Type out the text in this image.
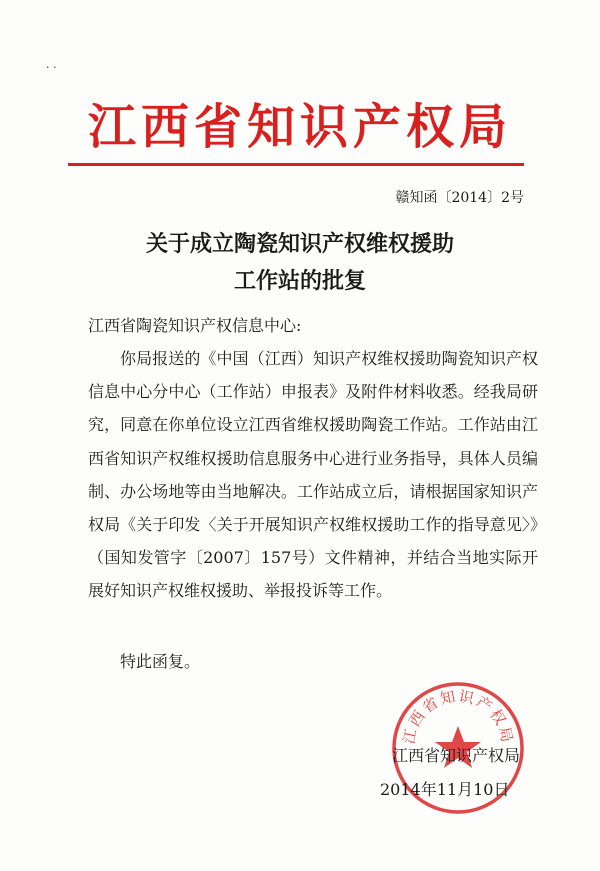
. .
江西省知识产权局
赣知函〔2014〕2号
关于成立陶瓷知识产权维权援助
工作站的批复
江西省陶瓷知识产权信息中心:

你局报送的《中国（江西）知识产权维权援助陶瓷知识产权信息中心分中心（工作站）申报表》及附件材料收悉。经我局研究，同意在你单位设立江西省维权援助陶瓷工作站。工作站由江西省知识产权维权援助信息服务中心进行业务指导，具体人员编制、办公场地等由当地解决。工作站成立后，请根据国家知识产权局《关于印发〈关于开展知识产权维权援助工作的指导意见〉》（国知发管字〔2007〕157号）文件精神，并结合当地实际开展好知识产权维权援助、举报投诉等工作。

特此函复。
江西省知识产权局
江西省知识产权局
2014年11月10日
